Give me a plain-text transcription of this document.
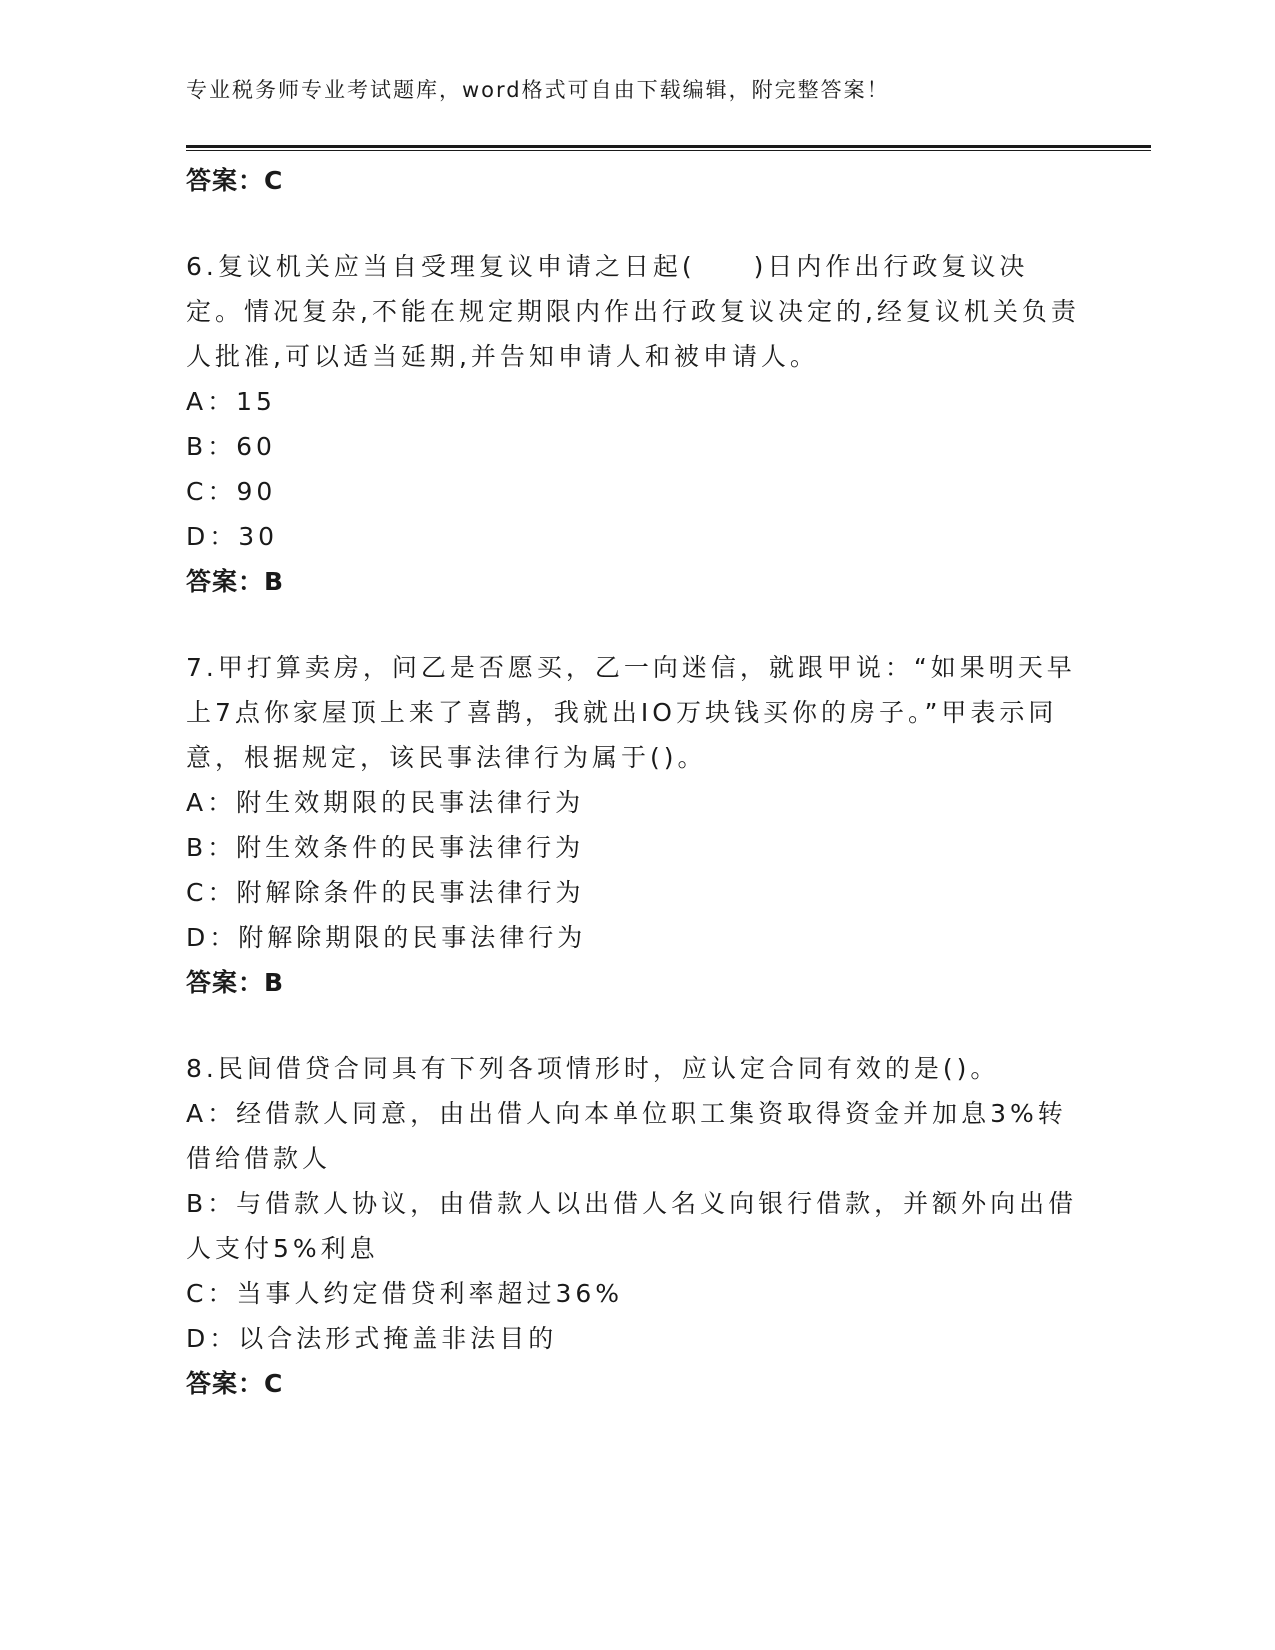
专业税务师专业考试题库，word格式可自由下载编辑，附完整答案！
答案：C
6.复议机关应当自受理复议申请之日起(　　)日内作出行政复议决定。情况复杂,不能在规定期限内作出行政复议决定的,经复议机关负责人批准,可以适当延期,并告知申请人和被申请人。
A：15
B：60
C：90
D：30
答案：B
7.甲打算卖房，问乙是否愿买，乙一向迷信，就跟甲说：“如果明天早上7点你家屋顶上来了喜鹊，我就出IO万块钱买你的房子。”甲表示同意，根据规定，该民事法律行为属于()。
A：附生效期限的民事法律行为
B：附生效条件的民事法律行为
C：附解除条件的民事法律行为
D：附解除期限的民事法律行为
答案：B
8.民间借贷合同具有下列各项情形时，应认定合同有效的是()。
A：经借款人同意，由出借人向本单位职工集资取得资金并加息3%转借给借款人
B：与借款人协议，由借款人以出借人名义向银行借款，并额外向出借人支付5%利息
C：当事人约定借贷利率超过36%
D：以合法形式掩盖非法目的
答案：C
